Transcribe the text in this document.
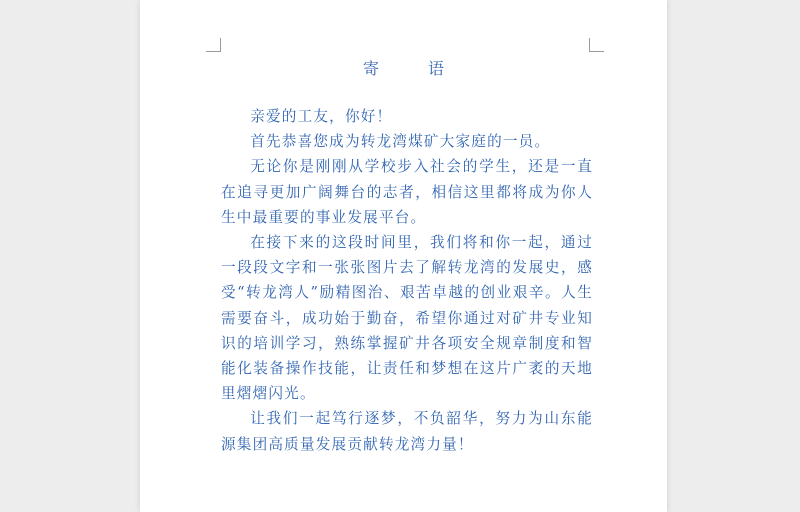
寄 语

亲爱的工友，你好！

首先恭喜您成为转龙湾煤矿大家庭的一员。

无论你是刚刚从学校步入社会的学生，还是一直在追寻更加广阔舞台的志者，相信这里都将成为你人生中最重要的事业发展平台。

在接下来的这段时间里，我们将和你一起，通过一段段文字和一张张图片去了解转龙湾的发展史，感受“转龙湾人”励精图治、艰苦卓越的创业艰辛。人生需要奋斗，成功始于勤奋，希望你通过对矿井专业知识的培训学习，熟练掌握矿井各项安全规章制度和智能化装备操作技能，让责任和梦想在这片广袤的天地里熠熠闪光。

让我们一起笃行逐梦，不负韶华，努力为山东能源集团高质量发展贡献转龙湾力量！
